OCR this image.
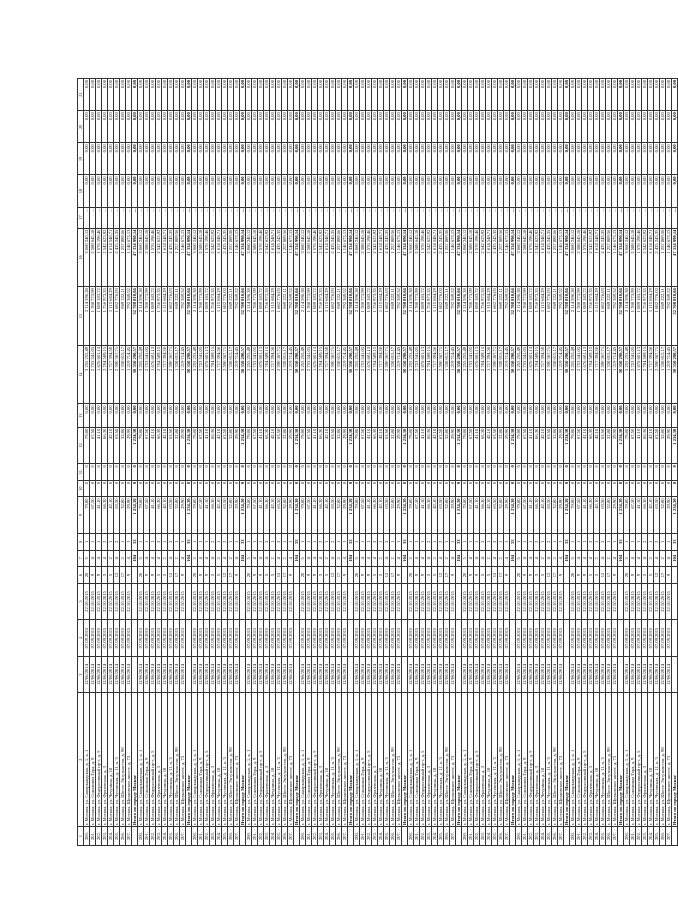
1	2	3	4	5	6	7	8	9	10	11	12	13	14	15	16	17	18	19	20	21
200.	г. Москва, ул. Самаркандская, д. 1, к. 1	12/06/2014	07.09.2015	22.10.2015	20	5	1	79,80	0	0	79,80	0,00	3 255 255,49	2 114 596,38	3 060 240,12	...	0,00	0,00	0,00	0,00
201.	г. Москва, ул. Соколиная Гора, д. 9	12/06/2014	07.09.2015	22.10.2015	9	4	1	67,50	0	0	67,50	0,00	2 753 541,05	1 788 773,99	2 588 645,18	...	0,00	0,00	0,00	0,00
202.	г. Москва, ул. Федеративный пр-т, д. 5	12/06/2014	07.09.2015	22.10.2015	9	4	1	41,10	0	0	41,10	0,00	1 676 601,13	1 089 183,72	1 576 198,46	...	0,00	0,00	0,00	0,00
203.	г. Москва, ул. Фрязевская, д. 3	12/06/2014	07.09.2015	22.10.2015	5	4	2	66,30	0	0	66,30	0,00	2 704 589,15	1 756 973,35	2 542 623,92	...	0,00	0,00	0,00	0,00
204.	г. Москва, ул. Чечулина, д. 18	12/06/2014	07.09.2015	22.10.2015	5	2	1	42,10	0	0	42,10	0,00	1 717 394,50	1 115 684,29	1 614 548,71	...	0,00	0,00	0,00	0,00
205.	г. Москва, ул. Чусовская, д. 11, к. 5	12/06/2014	07.09.2015	22.10.2015	12	4	2	63,50	0	0	63,50	0,00	2 590 367,71	1 682 776,03	2 435 245,35	...	0,00	0,00	0,00	0,00
206.	г. Москва, ул. Шоссе Энтузиастов, д. 98	12/06/2014	07.09.2015	22.10.2015	17	2	1	32,80	0	0	32,80	0,00	1 338 015,17	869 222,11	1 257 889,56	...	0,00	0,00	0,00	0,00
207.	г. Москва, Щелковское шоссе, д. 73	12/06/2014	07.09.2015	22.10.2015	9	4	1	29,90	0	0	29,90	0,00	1 219 714,45	792 369,52	1 146 673,13	...	0,00	0,00	0,00	0,00
	Итого по городу Москве					104	33	1 234,30	0	0	1 234,30	0,00	50 350 290,57	32 708 810,04	47 334 990,14	...	0,00	0,00	0,00	0,00
200.	г. Москва, ул. Самаркандская, д. 1, к. 1	12/06/2014	07.09.2015	22.10.2015	20	5	1	79,80	0	0	79,80	0,00	3 255 255,49	2 114 596,38	3 060 240,12	...	0,00	0,00	0,00	0,00
201.	г. Москва, ул. Соколиная Гора, д. 9	12/06/2014	07.09.2015	22.10.2015	9	4	1	67,50	0	0	67,50	0,00	2 753 541,05	1 788 773,99	2 588 645,18	...	0,00	0,00	0,00	0,00
202.	г. Москва, ул. Федеративный пр-т, д. 5	12/06/2014	07.09.2015	22.10.2015	9	4	1	41,10	0	0	41,10	0,00	1 676 601,13	1 089 183,72	1 576 198,46	...	0,00	0,00	0,00	0,00
203.	г. Москва, ул. Фрязевская, д. 3	12/06/2014	07.09.2015	22.10.2015	5	4	2	66,30	0	0	66,30	0,00	2 704 589,15	1 756 973,35	2 542 623,92	...	0,00	0,00	0,00	0,00
204.	г. Москва, ул. Чечулина, д. 18	12/06/2014	07.09.2015	22.10.2015	5	2	1	42,10	0	0	42,10	0,00	1 717 394,50	1 115 684,29	1 614 548,71	...	0,00	0,00	0,00	0,00
205.	г. Москва, ул. Чусовская, д. 11, к. 5	12/06/2014	07.09.2015	22.10.2015	12	4	2	63,50	0	0	63,50	0,00	2 590 367,71	1 682 776,03	2 435 245,35	...	0,00	0,00	0,00	0,00
206.	г. Москва, ул. Шоссе Энтузиастов, д. 98	12/06/2014	07.09.2015	22.10.2015	17	2	1	32,80	0	0	32,80	0,00	1 338 015,17	869 222,11	1 257 889,56	...	0,00	0,00	0,00	0,00
207.	г. Москва, Щелковское шоссе, д. 73	12/06/2014	07.09.2015	22.10.2015	9	4	1	29,90	0	0	29,90	0,00	1 219 714,45	792 369,52	1 146 673,13	...	0,00	0,00	0,00	0,00
	Итого по городу Москве					104	33	1 234,30	0	0	1 234,30	0,00	50 350 290,57	32 708 810,04	47 334 990,14	...	0,00	0,00	0,00	0,00
200.	г. Москва, ул. Самаркандская, д. 1, к. 1	12/06/2014	07.09.2015	22.10.2015	20	5	1	79,80	0	0	79,80	0,00	3 255 255,49	2 114 596,38	3 060 240,12	...	0,00	0,00	0,00	0,00
201.	г. Москва, ул. Соколиная Гора, д. 9	12/06/2014	07.09.2015	22.10.2015	9	4	1	67,50	0	0	67,50	0,00	2 753 541,05	1 788 773,99	2 588 645,18	...	0,00	0,00	0,00	0,00
202.	г. Москва, ул. Федеративный пр-т, д. 5	12/06/2014	07.09.2015	22.10.2015	9	4	1	41,10	0	0	41,10	0,00	1 676 601,13	1 089 183,72	1 576 198,46	...	0,00	0,00	0,00	0,00
203.	г. Москва, ул. Фрязевская, д. 3	12/06/2014	07.09.2015	22.10.2015	5	4	2	66,30	0	0	66,30	0,00	2 704 589,15	1 756 973,35	2 542 623,92	...	0,00	0,00	0,00	0,00
204.	г. Москва, ул. Чечулина, д. 18	12/06/2014	07.09.2015	22.10.2015	5	2	1	42,10	0	0	42,10	0,00	1 717 394,50	1 115 684,29	1 614 548,71	...	0,00	0,00	0,00	0,00
205.	г. Москва, ул. Чусовская, д. 11, к. 5	12/06/2014	07.09.2015	22.10.2015	12	4	2	63,50	0	0	63,50	0,00	2 590 367,71	1 682 776,03	2 435 245,35	...	0,00	0,00	0,00	0,00
206.	г. Москва, ул. Шоссе Энтузиастов, д. 98	12/06/2014	07.09.2015	22.10.2015	17	2	1	32,80	0	0	32,80	0,00	1 338 015,17	869 222,11	1 257 889,56	...	0,00	0,00	0,00	0,00
207.	г. Москва, Щелковское шоссе, д. 73	12/06/2014	07.09.2015	22.10.2015	9	4	1	29,90	0	0	29,90	0,00	1 219 714,45	792 369,52	1 146 673,13	...	0,00	0,00	0,00	0,00
	Итого по городу Москве					104	33	1 234,30	0	0	1 234,30	0,00	50 350 290,57	32 708 810,04	47 334 990,14	...	0,00	0,00	0,00	0,00
200.	г. Москва, ул. Самаркандская, д. 1, к. 1	12/06/2014	07.09.2015	22.10.2015	20	5	1	79,80	0	0	79,80	0,00	3 255 255,49	2 114 596,38	3 060 240,12	...	0,00	0,00	0,00	0,00
201.	г. Москва, ул. Соколиная Гора, д. 9	12/06/2014	07.09.2015	22.10.2015	9	4	1	67,50	0	0	67,50	0,00	2 753 541,05	1 788 773,99	2 588 645,18	...	0,00	0,00	0,00	0,00
202.	г. Москва, ул. Федеративный пр-т, д. 5	12/06/2014	07.09.2015	22.10.2015	9	4	1	41,10	0	0	41,10	0,00	1 676 601,13	1 089 183,72	1 576 198,46	...	0,00	0,00	0,00	0,00
203.	г. Москва, ул. Фрязевская, д. 3	12/06/2014	07.09.2015	22.10.2015	5	4	2	66,30	0	0	66,30	0,00	2 704 589,15	1 756 973,35	2 542 623,92	...	0,00	0,00	0,00	0,00
204.	г. Москва, ул. Чечулина, д. 18	12/06/2014	07.09.2015	22.10.2015	5	2	1	42,10	0	0	42,10	0,00	1 717 394,50	1 115 684,29	1 614 548,71	...	0,00	0,00	0,00	0,00
205.	г. Москва, ул. Чусовская, д. 11, к. 5	12/06/2014	07.09.2015	22.10.2015	12	4	2	63,50	0	0	63,50	0,00	2 590 367,71	1 682 776,03	2 435 245,35	...	0,00	0,00	0,00	0,00
206.	г. Москва, ул. Шоссе Энтузиастов, д. 98	12/06/2014	07.09.2015	22.10.2015	17	2	1	32,80	0	0	32,80	0,00	1 338 015,17	869 222,11	1 257 889,56	...	0,00	0,00	0,00	0,00
207.	г. Москва, Щелковское шоссе, д. 73	12/06/2014	07.09.2015	22.10.2015	9	4	1	29,90	0	0	29,90	0,00	1 219 714,45	792 369,52	1 146 673,13	...	0,00	0,00	0,00	0,00
	Итого по городу Москве					104	33	1 234,30	0	0	1 234,30	0,00	50 350 290,57	32 708 810,04	47 334 990,14	...	0,00	0,00	0,00	0,00
200.	г. Москва, ул. Самаркандская, д. 1, к. 1	12/06/2014	07.09.2015	22.10.2015	20	5	1	79,80	0	0	79,80	0,00	3 255 255,49	2 114 596,38	3 060 240,12	...	0,00	0,00	0,00	0,00
201.	г. Москва, ул. Соколиная Гора, д. 9	12/06/2014	07.09.2015	22.10.2015	9	4	1	67,50	0	0	67,50	0,00	2 753 541,05	1 788 773,99	2 588 645,18	...	0,00	0,00	0,00	0,00
202.	г. Москва, ул. Федеративный пр-т, д. 5	12/06/2014	07.09.2015	22.10.2015	9	4	1	41,10	0	0	41,10	0,00	1 676 601,13	1 089 183,72	1 576 198,46	...	0,00	0,00	0,00	0,00
203.	г. Москва, ул. Фрязевская, д. 3	12/06/2014	07.09.2015	22.10.2015	5	4	2	66,30	0	0	66,30	0,00	2 704 589,15	1 756 973,35	2 542 623,92	...	0,00	0,00	0,00	0,00
204.	г. Москва, ул. Чечулина, д. 18	12/06/2014	07.09.2015	22.10.2015	5	2	1	42,10	0	0	42,10	0,00	1 717 394,50	1 115 684,29	1 614 548,71	...	0,00	0,00	0,00	0,00
205.	г. Москва, ул. Чусовская, д. 11, к. 5	12/06/2014	07.09.2015	22.10.2015	12	4	2	63,50	0	0	63,50	0,00	2 590 367,71	1 682 776,03	2 435 245,35	...	0,00	0,00	0,00	0,00
206.	г. Москва, ул. Шоссе Энтузиастов, д. 98	12/06/2014	07.09.2015	22.10.2015	17	2	1	32,80	0	0	32,80	0,00	1 338 015,17	869 222,11	1 257 889,56	...	0,00	0,00	0,00	0,00
207.	г. Москва, Щелковское шоссе, д. 73	12/06/2014	07.09.2015	22.10.2015	9	4	1	29,90	0	0	29,90	0,00	1 219 714,45	792 369,52	1 146 673,13	...	0,00	0,00	0,00	0,00
	Итого по городу Москве					104	33	1 234,30	0	0	1 234,30	0,00	50 350 290,57	32 708 810,04	47 334 990,14	...	0,00	0,00	0,00	0,00
200.	г. Москва, ул. Самаркандская, д. 1, к. 1	12/06/2014	07.09.2015	22.10.2015	20	5	1	79,80	0	0	79,80	0,00	3 255 255,49	2 114 596,38	3 060 240,12	...	0,00	0,00	0,00	0,00
201.	г. Москва, ул. Соколиная Гора, д. 9	12/06/2014	07.09.2015	22.10.2015	9	4	1	67,50	0	0	67,50	0,00	2 753 541,05	1 788 773,99	2 588 645,18	...	0,00	0,00	0,00	0,00
202.	г. Москва, ул. Федеративный пр-т, д. 5	12/06/2014	07.09.2015	22.10.2015	9	4	1	41,10	0	0	41,10	0,00	1 676 601,13	1 089 183,72	1 576 198,46	...	0,00	0,00	0,00	0,00
203.	г. Москва, ул. Фрязевская, д. 3	12/06/2014	07.09.2015	22.10.2015	5	4	2	66,30	0	0	66,30	0,00	2 704 589,15	1 756 973,35	2 542 623,92	...	0,00	0,00	0,00	0,00
204.	г. Москва, ул. Чечулина, д. 18	12/06/2014	07.09.2015	22.10.2015	5	2	1	42,10	0	0	42,10	0,00	1 717 394,50	1 115 684,29	1 614 548,71	...	0,00	0,00	0,00	0,00
205.	г. Москва, ул. Чусовская, д. 11, к. 5	12/06/2014	07.09.2015	22.10.2015	12	4	2	63,50	0	0	63,50	0,00	2 590 367,71	1 682 776,03	2 435 245,35	...	0,00	0,00	0,00	0,00
206.	г. Москва, ул. Шоссе Энтузиастов, д. 98	12/06/2014	07.09.2015	22.10.2015	17	2	1	32,80	0	0	32,80	0,00	1 338 015,17	869 222,11	1 257 889,56	...	0,00	0,00	0,00	0,00
207.	г. Москва, Щелковское шоссе, д. 73	12/06/2014	07.09.2015	22.10.2015	9	4	1	29,90	0	0	29,90	0,00	1 219 714,45	792 369,52	1 146 673,13	...	0,00	0,00	0,00	0,00
	Итого по городу Москве					104	33	1 234,30	0	0	1 234,30	0,00	50 350 290,57	32 708 810,04	47 334 990,14	...	0,00	0,00	0,00	0,00
200.	г. Москва, ул. Самаркандская, д. 1, к. 1	12/06/2014	07.09.2015	22.10.2015	20	5	1	79,80	0	0	79,80	0,00	3 255 255,49	2 114 596,38	3 060 240,12	...	0,00	0,00	0,00	0,00
201.	г. Москва, ул. Соколиная Гора, д. 9	12/06/2014	07.09.2015	22.10.2015	9	4	1	67,50	0	0	67,50	0,00	2 753 541,05	1 788 773,99	2 588 645,18	...	0,00	0,00	0,00	0,00
202.	г. Москва, ул. Федеративный пр-т, д. 5	12/06/2014	07.09.2015	22.10.2015	9	4	1	41,10	0	0	41,10	0,00	1 676 601,13	1 089 183,72	1 576 198,46	...	0,00	0,00	0,00	0,00
203.	г. Москва, ул. Фрязевская, д. 3	12/06/2014	07.09.2015	22.10.2015	5	4	2	66,30	0	0	66,30	0,00	2 704 589,15	1 756 973,35	2 542 623,92	...	0,00	0,00	0,00	0,00
204.	г. Москва, ул. Чечулина, д. 18	12/06/2014	07.09.2015	22.10.2015	5	2	1	42,10	0	0	42,10	0,00	1 717 394,50	1 115 684,29	1 614 548,71	...	0,00	0,00	0,00	0,00
205.	г. Москва, ул. Чусовская, д. 11, к. 5	12/06/2014	07.09.2015	22.10.2015	12	4	2	63,50	0	0	63,50	0,00	2 590 367,71	1 682 776,03	2 435 245,35	...	0,00	0,00	0,00	0,00
206.	г. Москва, ул. Шоссе Энтузиастов, д. 98	12/06/2014	07.09.2015	22.10.2015	17	2	1	32,80	0	0	32,80	0,00	1 338 015,17	869 222,11	1 257 889,56	...	0,00	0,00	0,00	0,00
207.	г. Москва, Щелковское шоссе, д. 73	12/06/2014	07.09.2015	22.10.2015	9	4	1	29,90	0	0	29,90	0,00	1 219 714,45	792 369,52	1 146 673,13	...	0,00	0,00	0,00	0,00
	Итого по городу Москве					104	33	1 234,30	0	0	1 234,30	0,00	50 350 290,57	32 708 810,04	47 334 990,14	...	0,00	0,00	0,00	0,00
200.	г. Москва, ул. Самаркандская, д. 1, к. 1	12/06/2014	07.09.2015	22.10.2015	20	5	1	79,80	0	0	79,80	0,00	3 255 255,49	2 114 596,38	3 060 240,12	...	0,00	0,00	0,00	0,00
201.	г. Москва, ул. Соколиная Гора, д. 9	12/06/2014	07.09.2015	22.10.2015	9	4	1	67,50	0	0	67,50	0,00	2 753 541,05	1 788 773,99	2 588 645,18	...	0,00	0,00	0,00	0,00
202.	г. Москва, ул. Федеративный пр-т, д. 5	12/06/2014	07.09.2015	22.10.2015	9	4	1	41,10	0	0	41,10	0,00	1 676 601,13	1 089 183,72	1 576 198,46	...	0,00	0,00	0,00	0,00
203.	г. Москва, ул. Фрязевская, д. 3	12/06/2014	07.09.2015	22.10.2015	5	4	2	66,30	0	0	66,30	0,00	2 704 589,15	1 756 973,35	2 542 623,92	...	0,00	0,00	0,00	0,00
204.	г. Москва, ул. Чечулина, д. 18	12/06/2014	07.09.2015	22.10.2015	5	2	1	42,10	0	0	42,10	0,00	1 717 394,50	1 115 684,29	1 614 548,71	...	0,00	0,00	0,00	0,00
205.	г. Москва, ул. Чусовская, д. 11, к. 5	12/06/2014	07.09.2015	22.10.2015	12	4	2	63,50	0	0	63,50	0,00	2 590 367,71	1 682 776,03	2 435 245,35	...	0,00	0,00	0,00	0,00
206.	г. Москва, ул. Шоссе Энтузиастов, д. 98	12/06/2014	07.09.2015	22.10.2015	17	2	1	32,80	0	0	32,80	0,00	1 338 015,17	869 222,11	1 257 889,56	...	0,00	0,00	0,00	0,00
207.	г. Москва, Щелковское шоссе, д. 73	12/06/2014	07.09.2015	22.10.2015	9	4	1	29,90	0	0	29,90	0,00	1 219 714,45	792 369,52	1 146 673,13	...	0,00	0,00	0,00	0,00
	Итого по городу Москве					104	33	1 234,30	0	0	1 234,30	0,00	50 350 290,57	32 708 810,04	47 334 990,14	...	0,00	0,00	0,00	0,00
200.	г. Москва, ул. Самаркандская, д. 1, к. 1	12/06/2014	07.09.2015	22.10.2015	20	5	1	79,80	0	0	79,80	0,00	3 255 255,49	2 114 596,38	3 060 240,12	...	0,00	0,00	0,00	0,00
201.	г. Москва, ул. Соколиная Гора, д. 9	12/06/2014	07.09.2015	22.10.2015	9	4	1	67,50	0	0	67,50	0,00	2 753 541,05	1 788 773,99	2 588 645,18	...	0,00	0,00	0,00	0,00
202.	г. Москва, ул. Федеративный пр-т, д. 5	12/06/2014	07.09.2015	22.10.2015	9	4	1	41,10	0	0	41,10	0,00	1 676 601,13	1 089 183,72	1 576 198,46	...	0,00	0,00	0,00	0,00
203.	г. Москва, ул. Фрязевская, д. 3	12/06/2014	07.09.2015	22.10.2015	5	4	2	66,30	0	0	66,30	0,00	2 704 589,15	1 756 973,35	2 542 623,92	...	0,00	0,00	0,00	0,00
204.	г. Москва, ул. Чечулина, д. 18	12/06/2014	07.09.2015	22.10.2015	5	2	1	42,10	0	0	42,10	0,00	1 717 394,50	1 115 684,29	1 614 548,71	...	0,00	0,00	0,00	0,00
205.	г. Москва, ул. Чусовская, д. 11, к. 5	12/06/2014	07.09.2015	22.10.2015	12	4	2	63,50	0	0	63,50	0,00	2 590 367,71	1 682 776,03	2 435 245,35	...	0,00	0,00	0,00	0,00
206.	г. Москва, ул. Шоссе Энтузиастов, д. 98	12/06/2014	07.09.2015	22.10.2015	17	2	1	32,80	0	0	32,80	0,00	1 338 015,17	869 222,11	1 257 889,56	...	0,00	0,00	0,00	0,00
207.	г. Москва, Щелковское шоссе, д. 73	12/06/2014	07.09.2015	22.10.2015	9	4	1	29,90	0	0	29,90	0,00	1 219 714,45	792 369,52	1 146 673,13	...	0,00	0,00	0,00	0,00
	Итого по городу Москве					104	33	1 234,30	0	0	1 234,30	0,00	50 350 290,57	32 708 810,04	47 334 990,14	...	0,00	0,00	0,00	0,00
200.	г. Москва, ул. Самаркандская, д. 1, к. 1	12/06/2014	07.09.2015	22.10.2015	20	5	1	79,80	0	0	79,80	0,00	3 255 255,49	2 114 596,38	3 060 240,12	...	0,00	0,00	0,00	0,00
201.	г. Москва, ул. Соколиная Гора, д. 9	12/06/2014	07.09.2015	22.10.2015	9	4	1	67,50	0	0	67,50	0,00	2 753 541,05	1 788 773,99	2 588 645,18	...	0,00	0,00	0,00	0,00
202.	г. Москва, ул. Федеративный пр-т, д. 5	12/06/2014	07.09.2015	22.10.2015	9	4	1	41,10	0	0	41,10	0,00	1 676 601,13	1 089 183,72	1 576 198,46	...	0,00	0,00	0,00	0,00
203.	г. Москва, ул. Фрязевская, д. 3	12/06/2014	07.09.2015	22.10.2015	5	4	2	66,30	0	0	66,30	0,00	2 704 589,15	1 756 973,35	2 542 623,92	...	0,00	0,00	0,00	0,00
204.	г. Москва, ул. Чечулина, д. 18	12/06/2014	07.09.2015	22.10.2015	5	2	1	42,10	0	0	42,10	0,00	1 717 394,50	1 115 684,29	1 614 548,71	...	0,00	0,00	0,00	0,00
205.	г. Москва, ул. Чусовская, д. 11, к. 5	12/06/2014	07.09.2015	22.10.2015	12	4	2	63,50	0	0	63,50	0,00	2 590 367,71	1 682 776,03	2 435 245,35	...	0,00	0,00	0,00	0,00
206.	г. Москва, ул. Шоссе Энтузиастов, д. 98	12/06/2014	07.09.2015	22.10.2015	17	2	1	32,80	0	0	32,80	0,00	1 338 015,17	869 222,11	1 257 889,56	...	0,00	0,00	0,00	0,00
207.	г. Москва, Щелковское шоссе, д. 73	12/06/2014	07.09.2015	22.10.2015	9	4	1	29,90	0	0	29,90	0,00	1 219 714,45	792 369,52	1 146 673,13	...	0,00	0,00	0,00	0,00
	Итого по городу Москве					104	33	1 234,30	0	0	1 234,30	0,00	50 350 290,57	32 708 810,04	47 334 990,14	...	0,00	0,00	0,00	0,00
200.	г. Москва, ул. Самаркандская, д. 1, к. 1	12/06/2014	07.09.2015	22.10.2015	20	5	1	79,80	0	0	79,80	0,00	3 255 255,49	2 114 596,38	3 060 240,12	...	0,00	0,00	0,00	0,00
201.	г. Москва, ул. Соколиная Гора, д. 9	12/06/2014	07.09.2015	22.10.2015	9	4	1	67,50	0	0	67,50	0,00	2 753 541,05	1 788 773,99	2 588 645,18	...	0,00	0,00	0,00	0,00
202.	г. Москва, ул. Федеративный пр-т, д. 5	12/06/2014	07.09.2015	22.10.2015	9	4	1	41,10	0	0	41,10	0,00	1 676 601,13	1 089 183,72	1 576 198,46	...	0,00	0,00	0,00	0,00
203.	г. Москва, ул. Фрязевская, д. 3	12/06/2014	07.09.2015	22.10.2015	5	4	2	66,30	0	0	66,30	0,00	2 704 589,15	1 756 973,35	2 542 623,92	...	0,00	0,00	0,00	0,00
204.	г. Москва, ул. Чечулина, д. 18	12/06/2014	07.09.2015	22.10.2015	5	2	1	42,10	0	0	42,10	0,00	1 717 394,50	1 115 684,29	1 614 548,71	...	0,00	0,00	0,00	0,00
205.	г. Москва, ул. Чусовская, д. 11, к. 5	12/06/2014	07.09.2015	22.10.2015	12	4	2	63,50	0	0	63,50	0,00	2 590 367,71	1 682 776,03	2 435 245,35	...	0,00	0,00	0,00	0,00
206.	г. Москва, ул. Шоссе Энтузиастов, д. 98	12/06/2014	07.09.2015	22.10.2015	17	2	1	32,80	0	0	32,80	0,00	1 338 015,17	869 222,11	1 257 889,56	...	0,00	0,00	0,00	0,00
207.	г. Москва, Щелковское шоссе, д. 73	12/06/2014	07.09.2015	22.10.2015	9	4	1	29,90	0	0	29,90	0,00	1 219 714,45	792 369,52	1 146 673,13	...	0,00	0,00	0,00	0,00
	Итого по городу Москве					104	33	1 234,30	0	0	1 234,30	0,00	50 350 290,57	32 708 810,04	47 334 990,14	...	0,00	0,00	0,00	0,00
